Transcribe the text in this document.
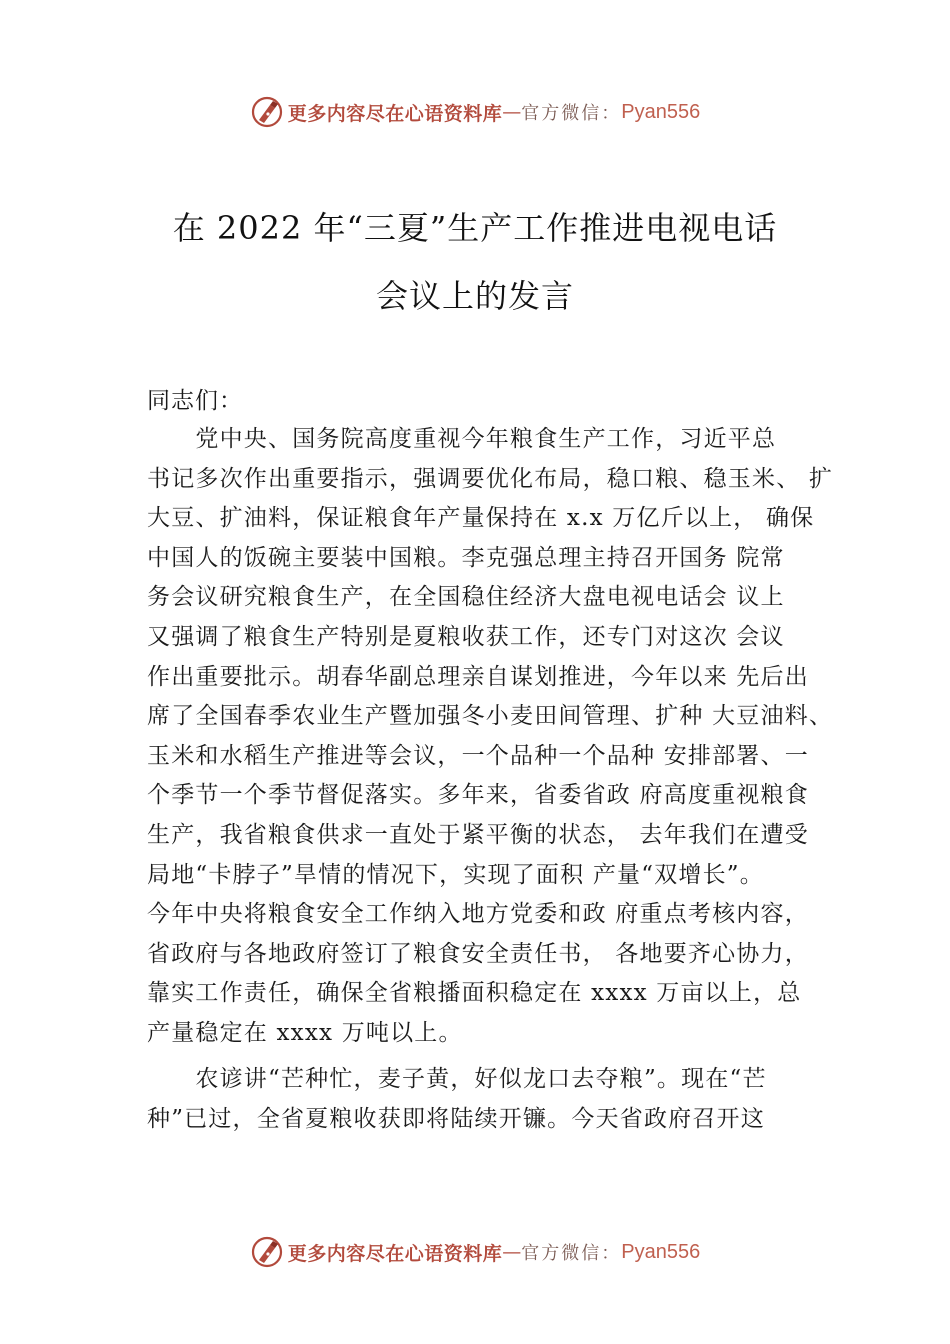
更多内容尽在心语资料库 — 官方微信： Pyan556
在 2022 年“三夏”生产工作推进电视电话
会议上的发言
同志们：
　　党中央、国务院高度重视今年粮食生产工作，习近平总
书记多次作出重要指示，强调要优化布局，稳口粮、稳玉米、 扩
大豆、扩油料，保证粮食年产量保持在 x.x 万亿斤以上， 确保
中国人的饭碗主要装中国粮。李克强总理主持召开国务 院常
务会议研究粮食生产，在全国稳住经济大盘电视电话会 议上
又强调了粮食生产特别是夏粮收获工作，还专门对这次 会议
作出重要批示。胡春华副总理亲自谋划推进，今年以来 先后出
席了全国春季农业生产暨加强冬小麦田间管理、扩种 大豆油料、
玉米和水稻生产推进等会议，一个品种一个品种 安排部署、一
个季节一个季节督促落实。多年来，省委省政 府高度重视粮食
生产，我省粮食供求一直处于紧平衡的状态， 去年我们在遭受
局地“卡脖子”旱情的情况下，实现了面积 产量“双增长”。
今年中央将粮食安全工作纳入地方党委和政 府重点考核内容，
省政府与各地政府签订了粮食安全责任书， 各地要齐心协力，
靠实工作责任，确保全省粮播面积稳定在 xxxx 万亩以上，总
产量稳定在 xxxx 万吨以上。
　　农谚讲“芒种忙，麦子黄，好似龙口去夺粮”。现在“芒
种”已过，全省夏粮收获即将陆续开镰。今天省政府召开这
更多内容尽在心语资料库 — 官方微信： Pyan556
